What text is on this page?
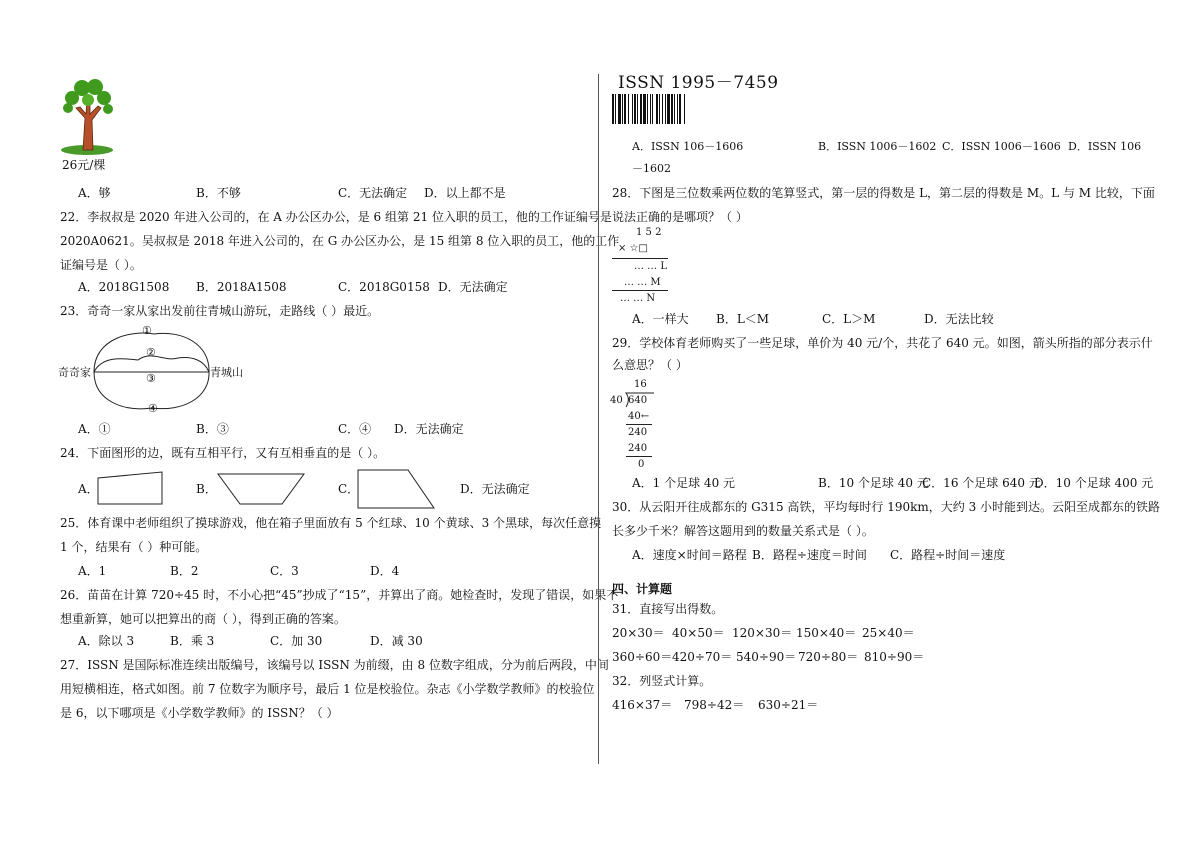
26元/棵
A．够	B．不够	C．无法确定 D．以上都不是
22．李叔叔是 2020 年进入公司的，在 A 办公区办公，是 6 组第 21 位入职的员工，他的工作证编号是
2020A0621。吴叔叔是 2018 年进入公司的，在 G 办公区办公，是 15 组第 8 位入职的员工，他的工作
证编号是（ ）。
A．2018G1508 B．2018A1508	C．2018G0158 D．无法确定
23．奇奇一家从家出发前往青城山游玩，走路线（ ）最近。
①
②
③
④
奇奇家	青城山
A．①	B．③	C．④ D．无法确定
24．下面图形的边，既有互相平行，又有互相垂直的是（ ）。
A．	B．	C．	D．无法确定
25．体育课中老师组织了摸球游戏，他在箱子里面放有 5 个红球、10 个黄球、3 个黑球，每次任意摸
1 个，结果有（ ）种可能。
A．1	B．2	C．3	D．4
26．苗苗在计算 720÷45 时，不小心把“45”抄成了“15”，并算出了商。她检查时，发现了错误，如果不
想重新算，她可以把算出的商（ ），得到正确的答案。
A．除以 3	B．乘 3	C．加 30	D．减 30
27．ISSN 是国际标准连续出版编号，该编号以 ISSN 为前缀，由 8 位数字组成，分为前后两段，中间
用短横相连，格式如图。前 7 位数字为顺序号，最后 1 位是校验位。杂志《小学数学教师》的校验位
是 6，以下哪项是《小学数学教师》的 ISSN？（ ）
ISSN 1995－7459
A．ISSN 106－1606	B．ISSN 1006－1602 C．ISSN 1006－1606 D．ISSN 106
－1602
28．下图是三位数乘两位数的笔算竖式，第一层的得数是 L，第二层的得数是 M。L 与 M 比较，下面
说法正确的是哪项？（ ）
1 5 2
× ☆□
… … L
… … M
… … N
A．一样大 B．L＜M	C．L＞M	D．无法比较
29．学校体育老师购买了一些足球，单价为 40 元/个，共花了 640 元。如图，箭头所指的部分表示什
么意思？（ ）
16
40 640
40←
240
240
0
A．1 个足球 40 元	B．10 个足球 40 元
C．16 个足球 640 元
D．10 个足球 400 元
30．从云阳开往成都东的 G315 高铁，平均每时行 190km，大约 3 小时能到达。云阳至成都东的铁路
长多少千米？解答这题用到的数量关系式是（ ）。
A．速度×时间＝路程 B．路程÷速度＝时间 C．路程÷时间＝速度
四、计算题
31．直接写出得数。
20×30＝ 40×50＝ 120×30＝ 150×40＝ 25×40＝
360÷60＝ 420÷70＝ 540÷90＝ 720÷80＝ 810÷90＝
32．列竖式计算。
416×37＝ 798÷42＝ 630÷21＝
